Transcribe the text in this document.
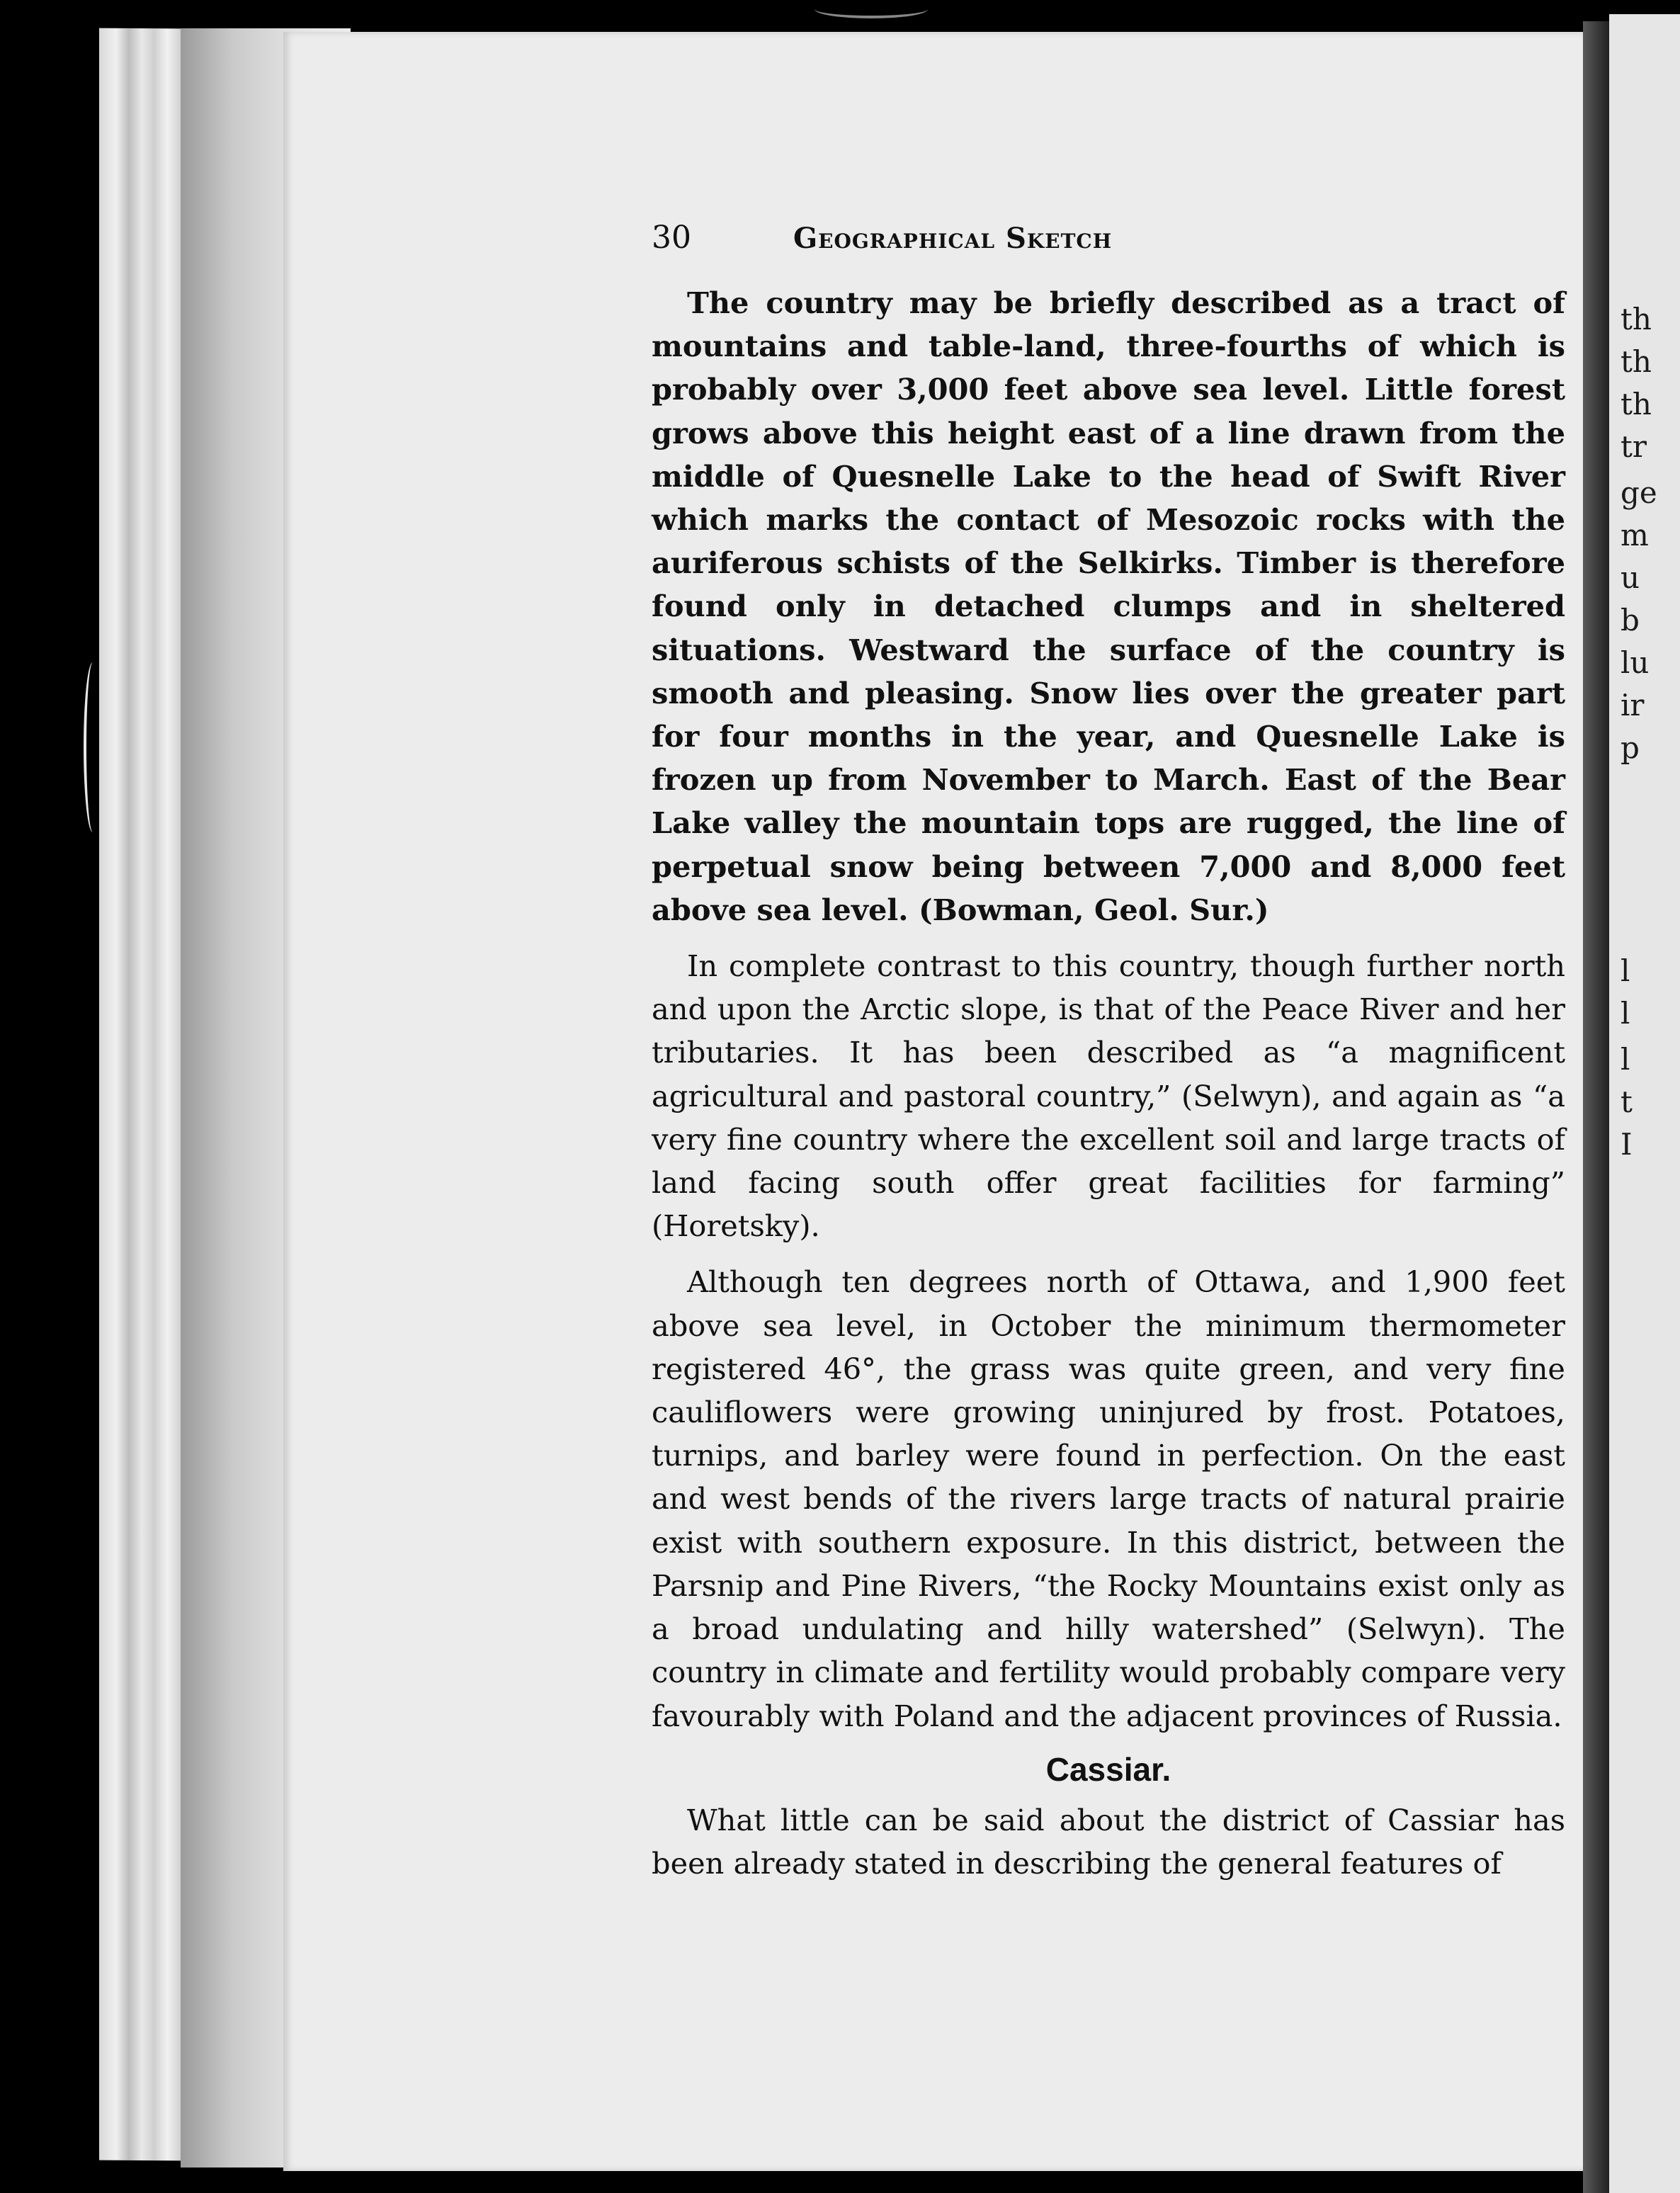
30	Geographical Sketch

The country may be briefly described as a tract of mountains and table-land, three-fourths of which is probably over 3,000 feet above sea level. Little forest grows above this height east of a line drawn from the middle of Quesnelle Lake to the head of Swift River which marks the contact of Mesozoic rocks with the auriferous schists of the Selkirks. Timber is therefore found only in detached clumps and in sheltered situations. Westward the surface of the country is smooth and pleasing. Snow lies over the greater part for four months in the year, and Quesnelle Lake is frozen up from November to March. East of the Bear Lake valley the mountain tops are rugged, the line of perpetual snow being between 7,000 and 8,000 feet above sea level. (Bowman, Geol. Sur.)

In complete contrast to this country, though further north and upon the Arctic slope, is that of the Peace River and her tributaries. It has been described as “a magnificent agricultural and pastoral country,” (Selwyn), and again as “a very fine country where the excellent soil and large tracts of land facing south offer great facilities for farming” (Horetsky).

Although ten degrees north of Ottawa, and 1,900 feet above sea level, in October the minimum thermometer registered 46°, the grass was quite green, and very fine cauliflowers were growing uninjured by frost. Potatoes, turnips, and barley were found in perfection. On the east and west bends of the rivers large tracts of natural prairie exist with southern exposure. In this district, between the Parsnip and Pine Rivers, “the Rocky Mountains exist only as a broad undulating and hilly watershed” (Selwyn). The country in climate and fertility would probably compare very favourably with Poland and the adjacent provinces of Russia.

Cassiar.

What little can be said about the district of Cassiar has been already stated in describing the general features of

th
th
th
tr
ge
m
u
b
lu
ir
p
l
l
l
t
I
